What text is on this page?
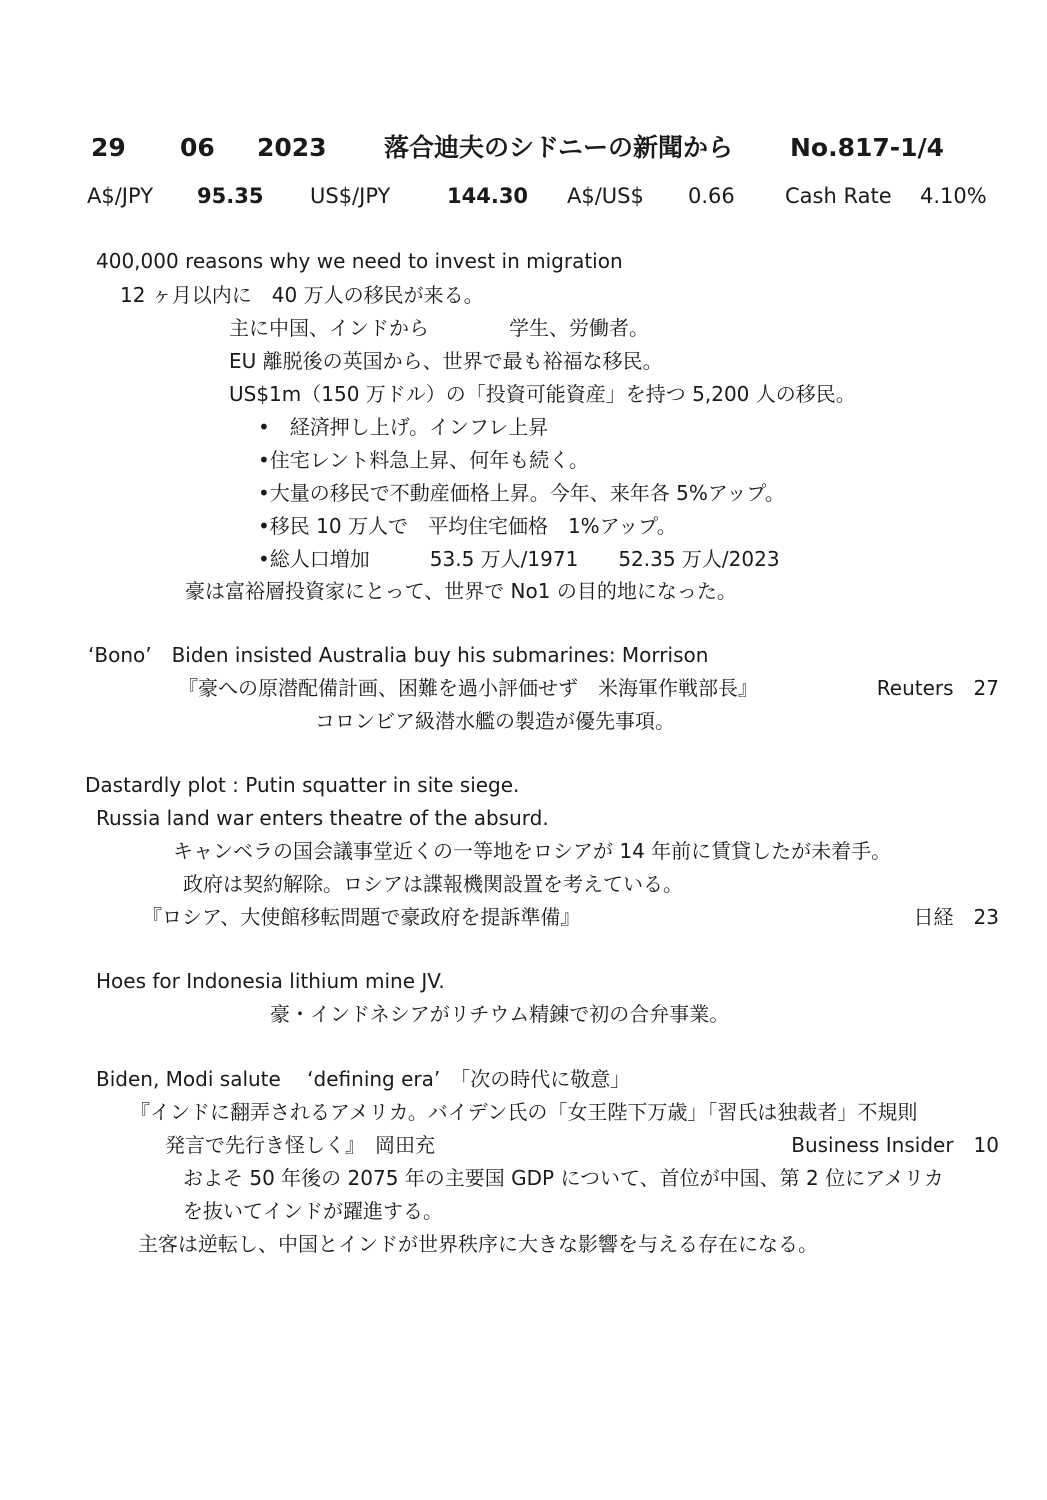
29 06 2023 落合迪夫のシドニーの新聞から No.817-1/4
A$/JPY 95.35 US$/JPY	144.30 A$/US$ 0.66 Cash Rate 4.10%
400,000 reasons why we need to invest in migration
12 ヶ月以内に　40 万人の移民が来る。
主に中国、インドから　　　　学生、労働者。
EU 離脱後の英国から、世界で最も裕福な移民。
US$1m（150 万ドル）の「投資可能資産」を持つ 5,200 人の移民。
•　経済押し上げ。インフレ上昇
•住宅レント料急上昇、何年も続く。
•大量の移民で不動産価格上昇。今年、来年各 5%アップ。
•移民 10 万人で　平均住宅価格　1%アップ。
•総人口増加　　　53.5 万人/1971　　52.35 万人/2023
豪は富裕層投資家にとって、世界で No1 の目的地になった。
‘Bono’　Biden insisted Australia buy his submarines: Morrison
『豪への原潜配備計画、困難を過小評価せず　米海軍作戦部長』	Reuters　27
コロンビア級潜水艦の製造が優先事項。
Dastardly plot : Putin squatter in site siege.
Russia land war enters theatre of the absurd.
キャンベラの国会議事堂近くの一等地をロシアが 14 年前に賃貸したが未着手。
政府は契約解除。ロシアは諜報機関設置を考えている。
『ロシア、大使館移転問題で豪政府を提訴準備』	日経　23
Hoes for Indonesia lithium mine JV.
豪・インドネシアがリチウム精錬で初の合弁事業。
Biden, Modi salute　 ‘defining era’　「次の時代に敬意」
『インドに翻弄されるアメリカ。バイデン氏の「女王陛下万歳」「習氏は独裁者」不規則
発言で先行き怪しく』　岡田充	Business Insider　10
およそ 50 年後の 2075 年の主要国 GDP について、首位が中国、第 2 位にアメリカ
を抜いてインドが躍進する。
主客は逆転し、中国とインドが世界秩序に大きな影響を与える存在になる。
